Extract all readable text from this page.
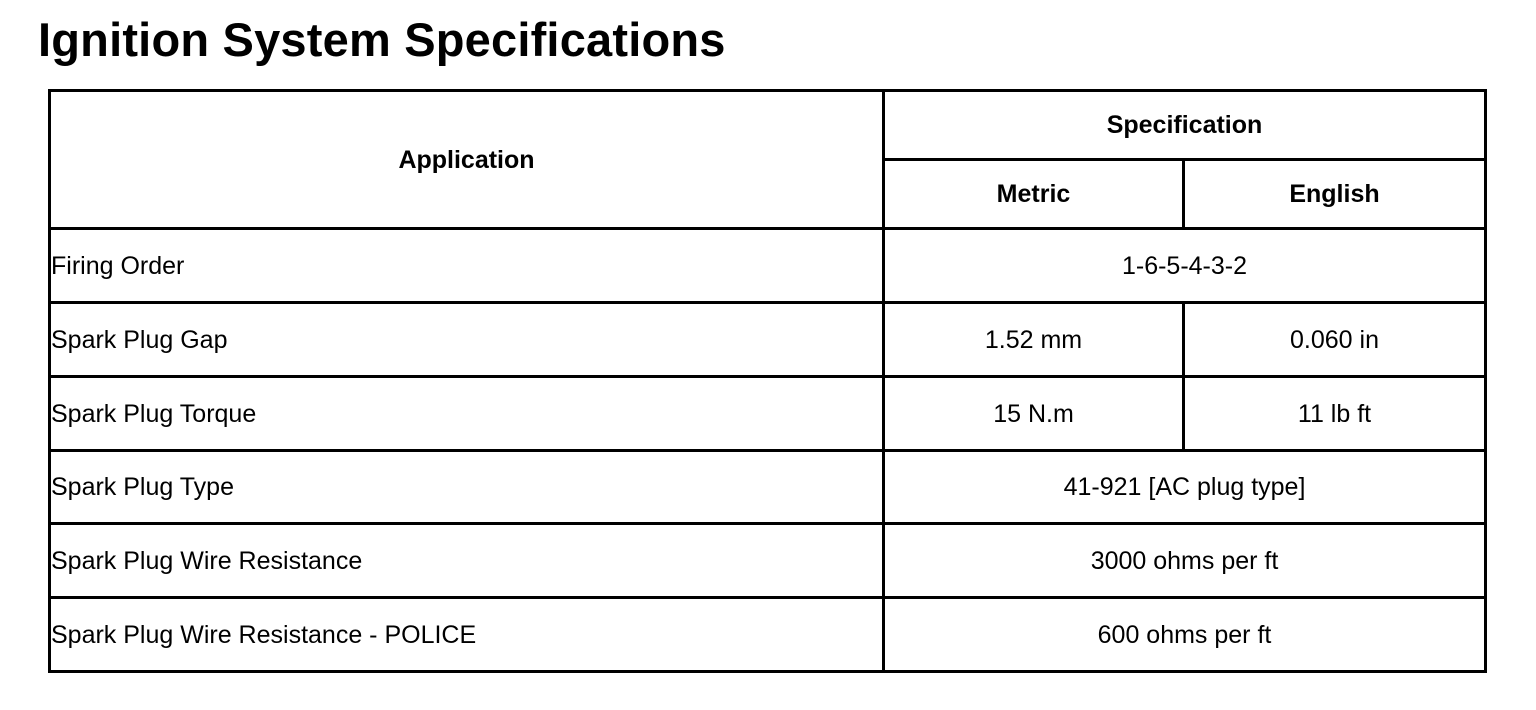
Ignition System Specifications
Application	Specification	
	Metric	English
Firing Order	1-6-5-4-3-2	
Spark Plug Gap	1.52 mm	0.060 in
Spark Plug Torque	15 N.m	11 lb ft
Spark Plug Type	41-921 [AC plug type]	
Spark Plug Wire Resistance	3000 ohms per ft	
Spark Plug Wire Resistance - POLICE	600 ohms per ft	
